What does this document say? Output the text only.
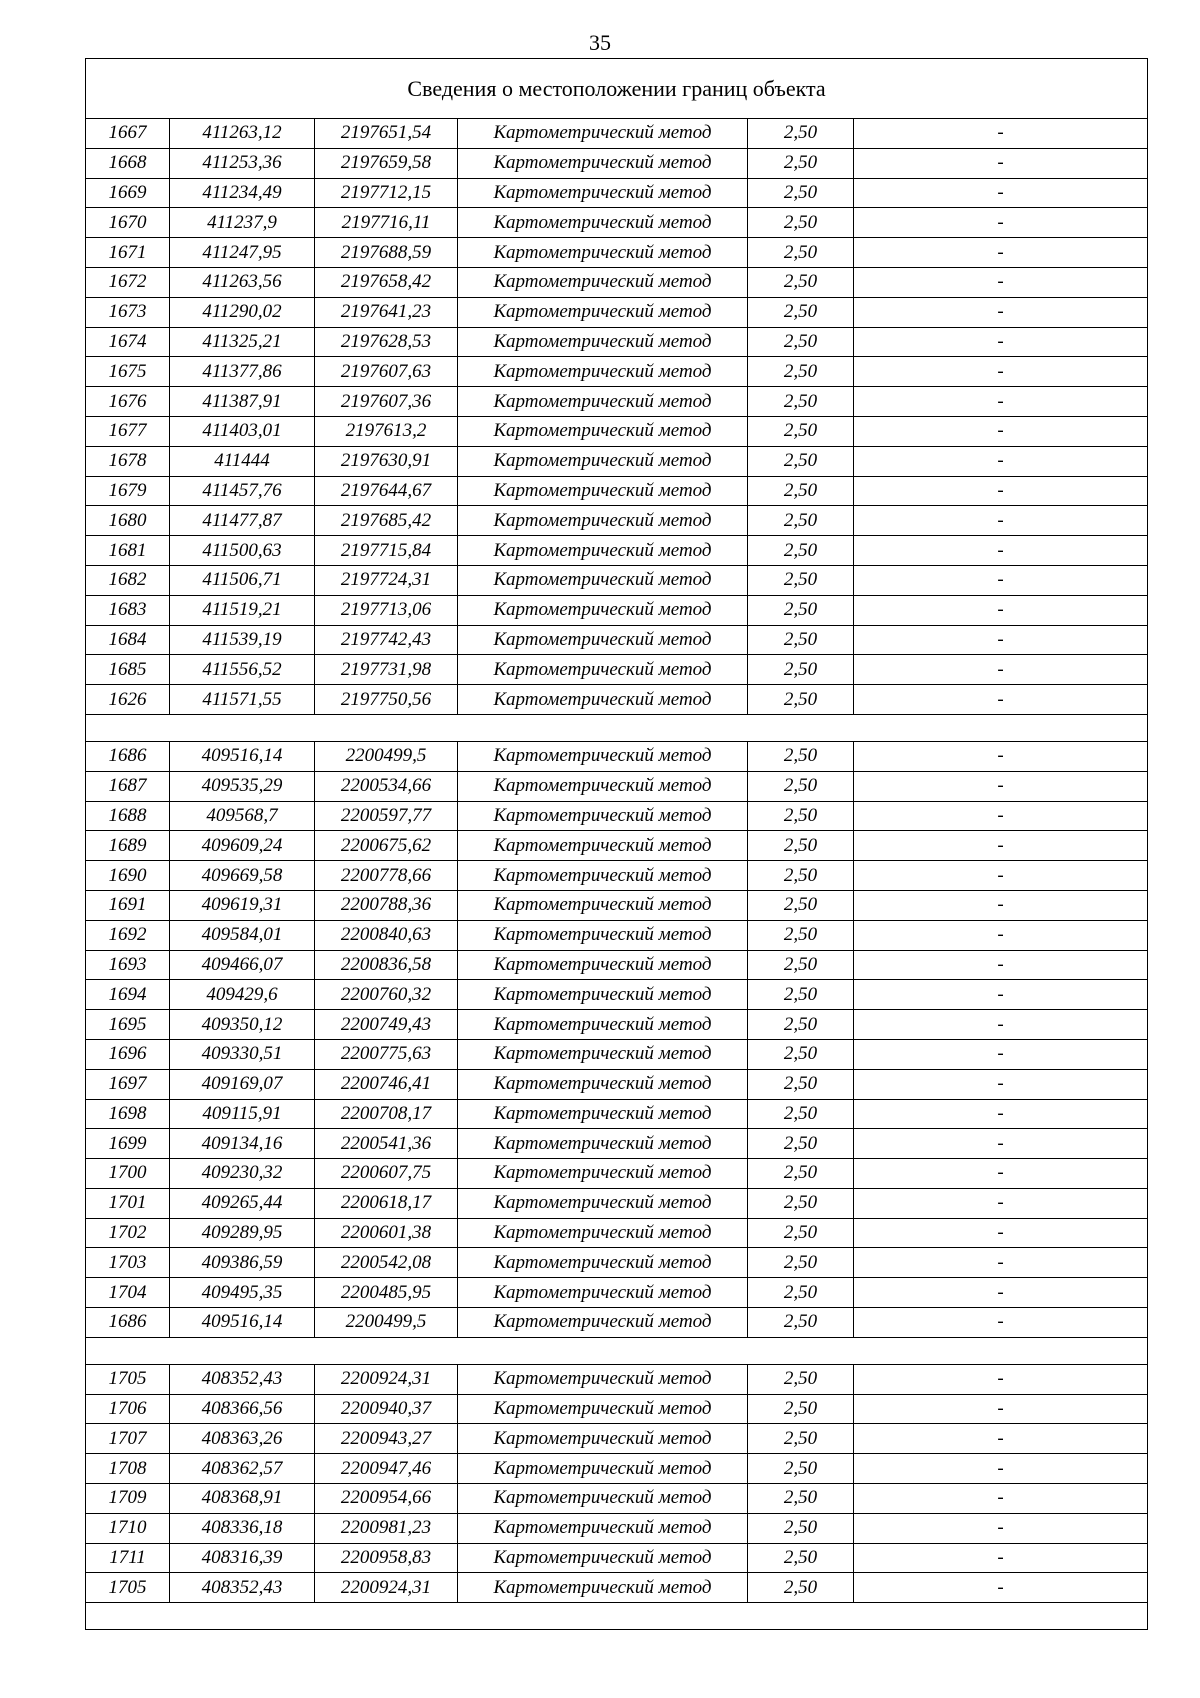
35
Сведения о местоположении границ объекта					
1667	411263,12	2197651,54	Картометрический метод	2,50	-
1668	411253,36	2197659,58	Картометрический метод	2,50	-
1669	411234,49	2197712,15	Картометрический метод	2,50	-
1670	411237,9	2197716,11	Картометрический метод	2,50	-
1671	411247,95	2197688,59	Картометрический метод	2,50	-
1672	411263,56	2197658,42	Картометрический метод	2,50	-
1673	411290,02	2197641,23	Картометрический метод	2,50	-
1674	411325,21	2197628,53	Картометрический метод	2,50	-
1675	411377,86	2197607,63	Картометрический метод	2,50	-
1676	411387,91	2197607,36	Картометрический метод	2,50	-
1677	411403,01	2197613,2	Картометрический метод	2,50	-
1678	411444	2197630,91	Картометрический метод	2,50	-
1679	411457,76	2197644,67	Картометрический метод	2,50	-
1680	411477,87	2197685,42	Картометрический метод	2,50	-
1681	411500,63	2197715,84	Картометрический метод	2,50	-
1682	411506,71	2197724,31	Картометрический метод	2,50	-
1683	411519,21	2197713,06	Картометрический метод	2,50	-
1684	411539,19	2197742,43	Картометрический метод	2,50	-
1685	411556,52	2197731,98	Картометрический метод	2,50	-
1626	411571,55	2197750,56	Картометрический метод	2,50	-

1686	409516,14	2200499,5	Картометрический метод	2,50	-
1687	409535,29	2200534,66	Картометрический метод	2,50	-
1688	409568,7	2200597,77	Картометрический метод	2,50	-
1689	409609,24	2200675,62	Картометрический метод	2,50	-
1690	409669,58	2200778,66	Картометрический метод	2,50	-
1691	409619,31	2200788,36	Картометрический метод	2,50	-
1692	409584,01	2200840,63	Картометрический метод	2,50	-
1693	409466,07	2200836,58	Картометрический метод	2,50	-
1694	409429,6	2200760,32	Картометрический метод	2,50	-
1695	409350,12	2200749,43	Картометрический метод	2,50	-
1696	409330,51	2200775,63	Картометрический метод	2,50	-
1697	409169,07	2200746,41	Картометрический метод	2,50	-
1698	409115,91	2200708,17	Картометрический метод	2,50	-
1699	409134,16	2200541,36	Картометрический метод	2,50	-
1700	409230,32	2200607,75	Картометрический метод	2,50	-
1701	409265,44	2200618,17	Картометрический метод	2,50	-
1702	409289,95	2200601,38	Картометрический метод	2,50	-
1703	409386,59	2200542,08	Картометрический метод	2,50	-
1704	409495,35	2200485,95	Картометрический метод	2,50	-
1686	409516,14	2200499,5	Картометрический метод	2,50	-

1705	408352,43	2200924,31	Картометрический метод	2,50	-
1706	408366,56	2200940,37	Картометрический метод	2,50	-
1707	408363,26	2200943,27	Картометрический метод	2,50	-
1708	408362,57	2200947,46	Картометрический метод	2,50	-
1709	408368,91	2200954,66	Картометрический метод	2,50	-
1710	408336,18	2200981,23	Картометрический метод	2,50	-
1711	408316,39	2200958,83	Картометрический метод	2,50	-
1705	408352,43	2200924,31	Картометрический метод	2,50	-
